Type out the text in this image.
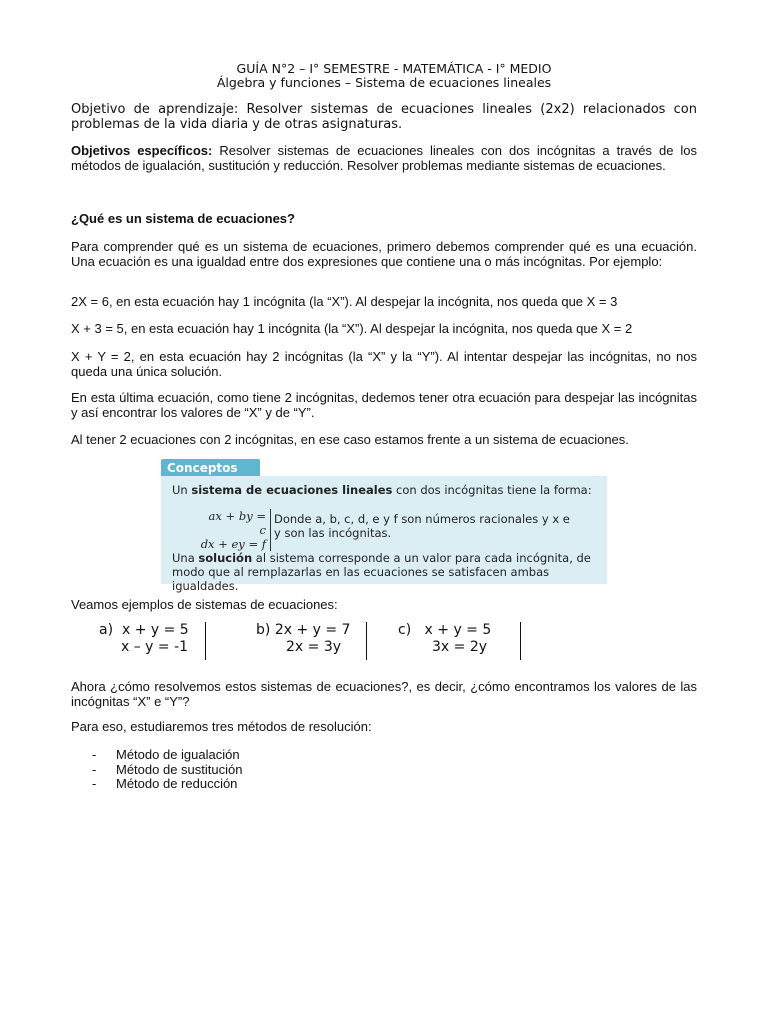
GUÍA N°2 – I° SEMESTRE - MATEMÁTICA - I° MEDIO
Álgebra y funciones – Sistema de ecuaciones lineales
Objetivo de aprendizaje: Resolver sistemas de ecuaciones lineales (2x2) relacionados con problemas de la vida diaria y de otras asignaturas.
Objetivos específicos: Resolver sistemas de ecuaciones lineales con dos incógnitas a través de los métodos de igualación, sustitución y reducción. Resolver problemas mediante sistemas de ecuaciones.
¿Qué es un sistema de ecuaciones?
Para comprender qué es un sistema de ecuaciones, primero debemos comprender qué es una ecuación. Una ecuación es una igualdad entre dos expresiones que contiene una o más incógnitas. Por ejemplo:
2X = 6, en esta ecuación hay 1 incógnita (la “X”). Al despejar la incógnita, nos queda que X = 3
X + 3 = 5, en esta ecuación hay 1 incógnita (la “X”). Al despejar la incógnita, nos queda que X = 2
X + Y = 2, en esta ecuación hay 2 incógnitas (la “X” y la “Y”). Al intentar despejar las incógnitas, no nos queda una única solución.
En esta última ecuación, como tiene 2 incógnitas, dedemos tener otra ecuación para despejar las incógnitas y así encontrar los valores de “X” y de “Y”.
Al tener 2 ecuaciones con 2 incógnitas, en ese caso estamos frente a un sistema de ecuaciones.
Conceptos
Un sistema de ecuaciones lineales con dos incógnitas tiene la forma:
ax + by = c
dx + ey = f
Donde a, b, c, d, e y f son números racionales y x e y son las incógnitas.
Una solución al sistema corresponde a un valor para cada incógnita, de modo que al remplazarlas en las ecuaciones se satisfacen ambas igualdades.
Veamos ejemplos de sistemas de ecuaciones:
a) x + y = 5
x – y = -1
b) 2x + y = 7
2x = 3y
c) x + y = 5
3x = 2y
Ahora ¿cómo resolvemos estos sistemas de ecuaciones?, es decir, ¿cómo encontramos los valores de las incógnitas “X” e “Y”?
Para eso, estudiaremos tres métodos de resolución:
- Método de igualación
- Método de sustitución
- Método de reducción
